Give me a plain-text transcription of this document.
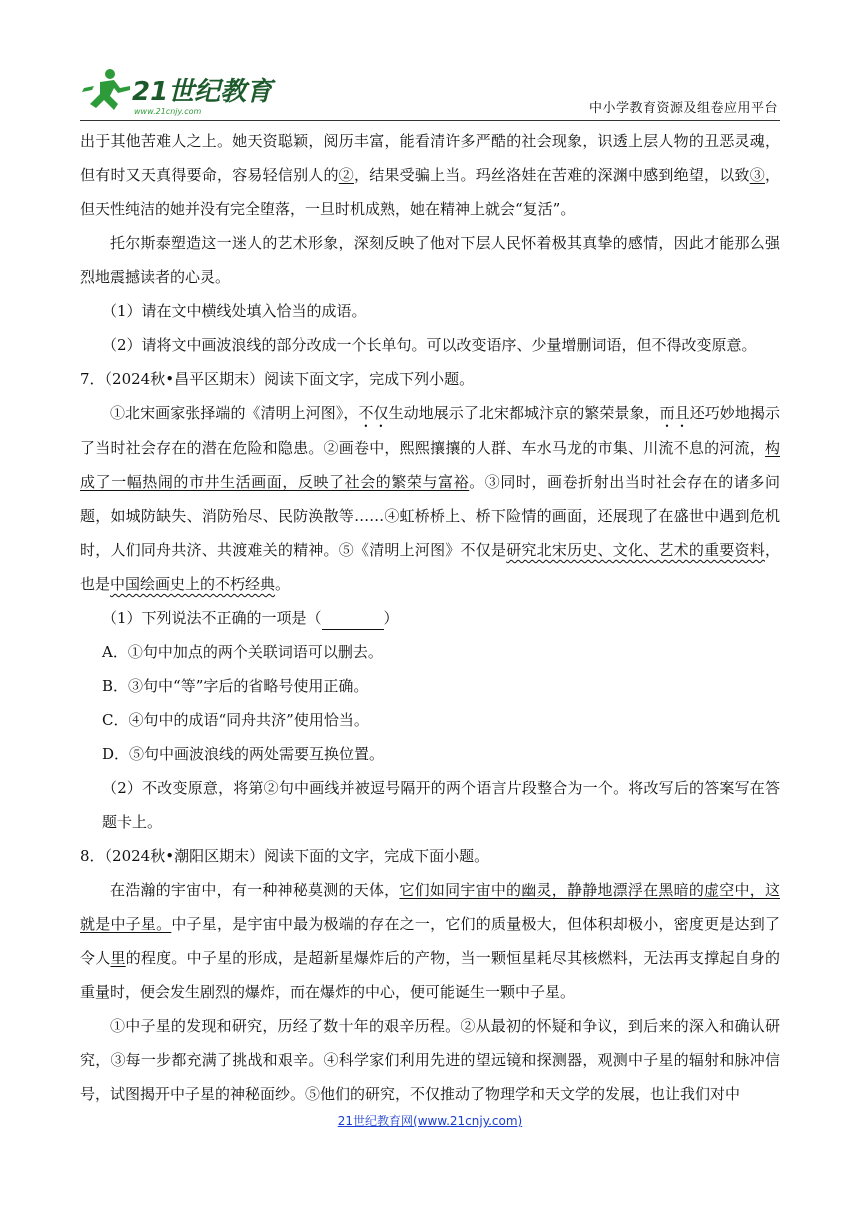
21世纪教育
www.21cnjy.com	中小学教育资源及组卷应用平台

出于其他苦难人之上。她天资聪颖，阅历丰富，能看清许多严酷的社会现象，识透上层人物的丑恶灵魂，但有时又天真得要命，容易轻信别人的②，结果受骗上当。玛丝洛娃在苦难的深渊中感到绝望，以致③，但天性纯洁的她并没有完全堕落，一旦时机成熟，她在精神上就会“复活”。

托尔斯泰塑造这一迷人的艺术形象，深刻反映了他对下层人民怀着极其真挚的感情，因此才能那么强烈地震撼读者的心灵。

（1）请在文中横线处填入恰当的成语。

（2）请将文中画波浪线的部分改成一个长单句。可以改变语序、少量增删词语，但不得改变原意。

7．（2024秋•昌平区期末）阅读下面文字，完成下列小题。

①北宋画家张择端的《清明上河图》，不仅生动地展示了北宋都城汴京的繁荣景象，而且还巧妙地揭示了当时社会存在的潜在危险和隐患。②画卷中，熙熙攘攘的人群、车水马龙的市集、川流不息的河流，构成了一幅热闹的市井生活画面，反映了社会的繁荣与富裕。③同时，画卷折射出当时社会存在的诸多问题，如城防缺失、消防殆尽、民防涣散等……④虹桥桥上、桥下险情的画面，还展现了在盛世中遇到危机时，人们同舟共济、共渡难关的精神。⑤《清明上河图》不仅是研究北宋历史、文化、艺术的重要资料，也是中国绘画史上的不朽经典。

（1）下列说法不正确的一项是（	）

A．①句中加点的两个关联词语可以删去。

B．③句中“等”字后的省略号使用正确。

C．④句中的成语“同舟共济”使用恰当。

D．⑤句中画波浪线的两处需要互换位置。

（2）不改变原意，将第②句中画线并被逗号隔开的两个语言片段整合为一个。将改写后的答案写在答题卡上。

8．（2024秋•潮阳区期末）阅读下面的文字，完成下面小题。

在浩瀚的宇宙中，有一种神秘莫测的天体，它们如同宇宙中的幽灵，静静地漂浮在黑暗的虚空中，这就是中子星。中子星，是宇宙中最为极端的存在之一，它们的质量极大，但体积却极小，密度更是达到了令人里的程度。中子星的形成，是超新星爆炸后的产物，当一颗恒星耗尽其核燃料，无法再支撑起自身的重量时，便会发生剧烈的爆炸，而在爆炸的中心，便可能诞生一颗中子星。

①中子星的发现和研究，历经了数十年的艰辛历程。②从最初的怀疑和争议，到后来的深入和确认研究，③每一步都充满了挑战和艰辛。④科学家们利用先进的望远镜和探测器，观测中子星的辐射和脉冲信号，试图揭开中子星的神秘面纱。⑤他们的研究，不仅推动了物理学和天文学的发展，也让我们对中

21世纪教育网(www.21cnjy.com)
